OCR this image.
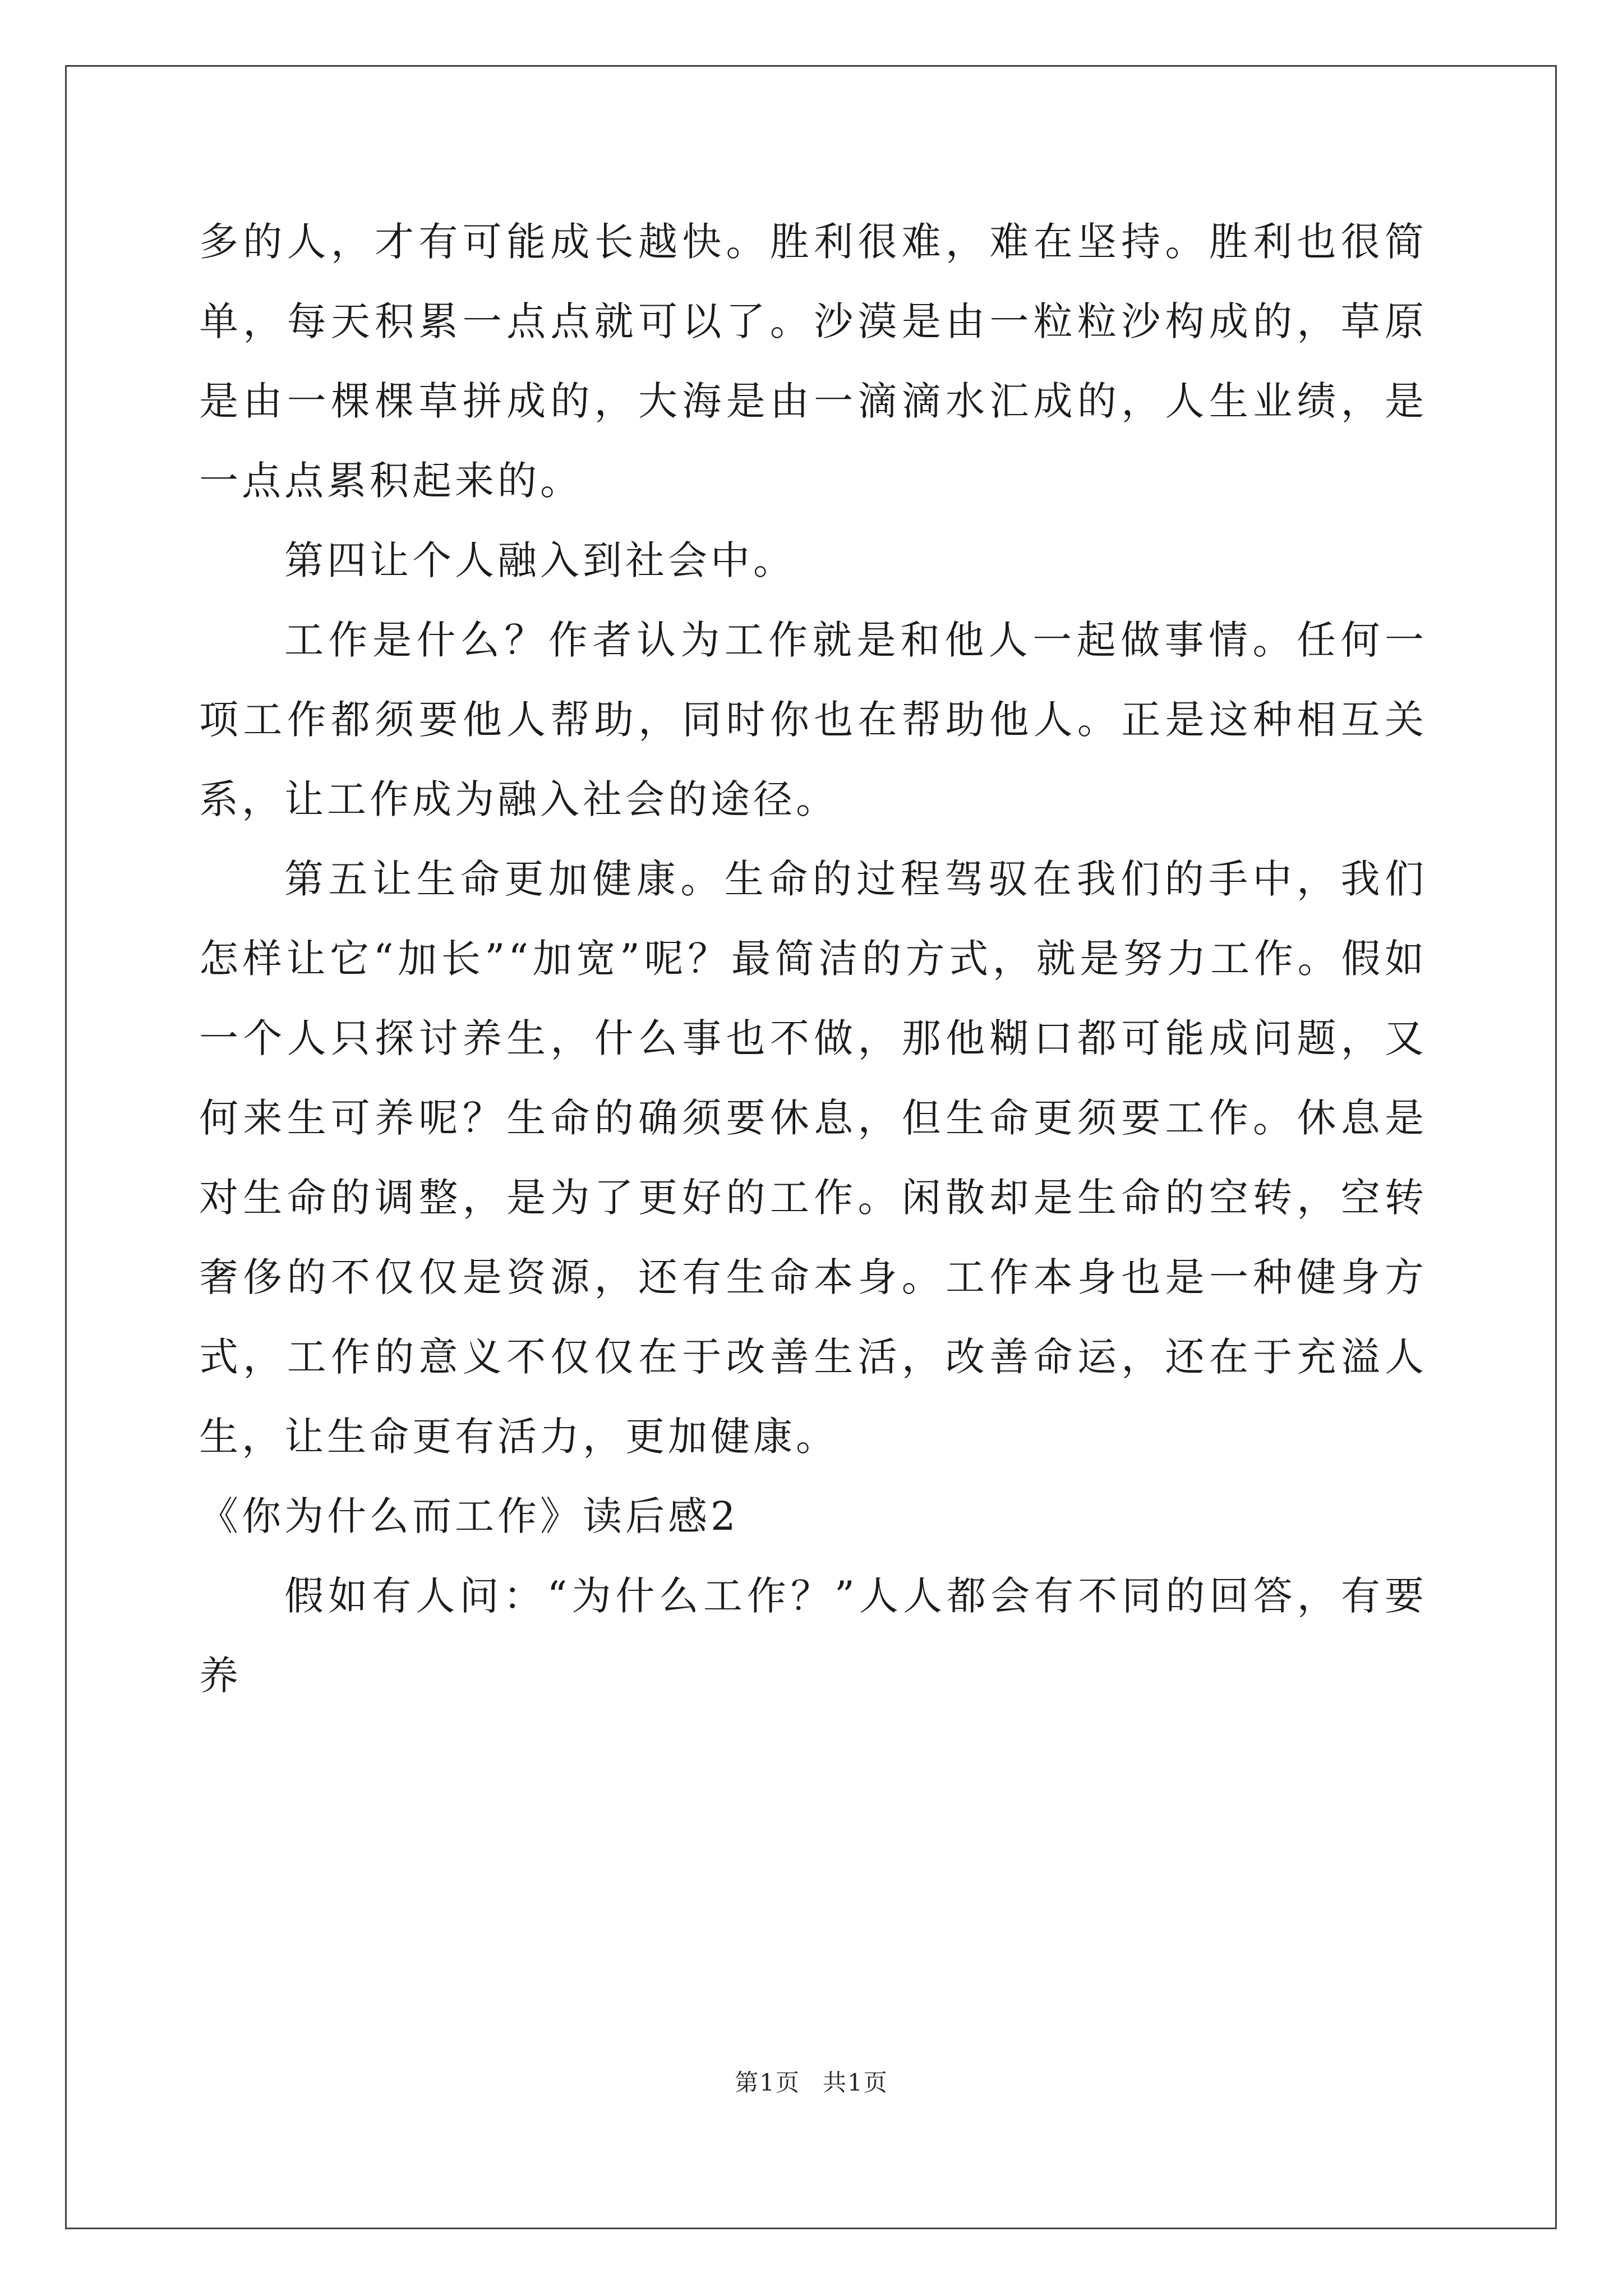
多的人，才有可能成长越快。胜利很难，难在坚持。胜利也很简单，每天积累一点点就可以了。沙漠是由一粒粒沙构成的，草原是由一棵棵草拼成的，大海是由一滴滴水汇成的，人生业绩，是一点点累积起来的。

第四让个人融入到社会中。

工作是什么？作者认为工作就是和他人一起做事情。任何一项工作都须要他人帮助，同时你也在帮助他人。正是这种相互关系，让工作成为融入社会的途径。

第五让生命更加健康。生命的过程驾驭在我们的手中，我们怎样让它“加长”“加宽”呢？最简洁的方式，就是努力工作。假如一个人只探讨养生，什么事也不做，那他糊口都可能成问题，又何来生可养呢？生命的确须要休息，但生命更须要工作。休息是对生命的调整，是为了更好的工作。闲散却是生命的空转，空转奢侈的不仅仅是资源，还有生命本身。工作本身也是一种健身方式，工作的意义不仅仅在于改善生活，改善命运，还在于充溢人生，让生命更有活力，更加健康。

《你为什么而工作》读后感2

假如有人问：“为什么工作？”人人都会有不同的回答，有要养

第1页 共1页
